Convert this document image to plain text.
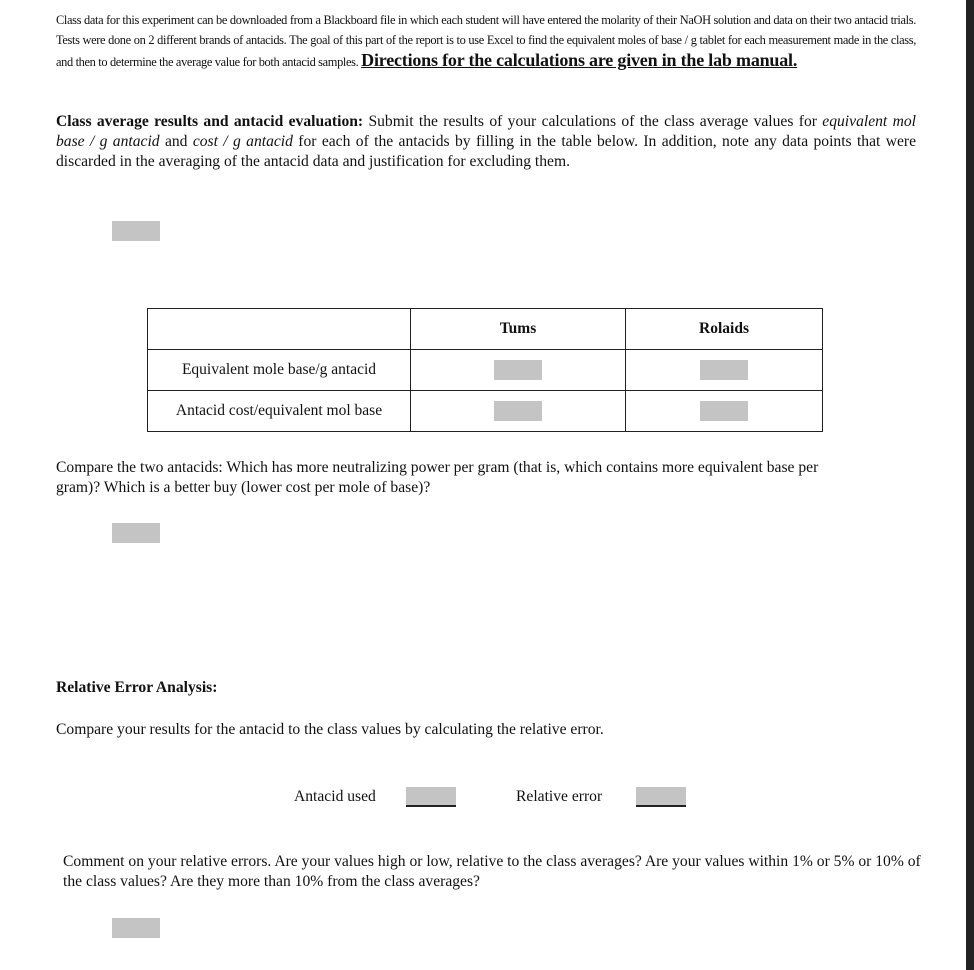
Class data for this experiment can be downloaded from a Blackboard file in which each student will have entered the molarity of their NaOH solution and data on their two antacid trials. Tests were done on 2 different brands of antacids. The goal of this part of the report is to use Excel to find the equivalent moles of base / g tablet for each measurement made in the class, and then to determine the average value for both antacid samples. Directions for the calculations are given in the lab manual.

Class average results and antacid evaluation: Submit the results of your calculations of the class average values for equivalent mol base / g antacid and cost / g antacid for each of the antacids by filling in the table below. In addition, note any data points that were discarded in the averaging of the antacid data and justification for excluding them.

	Tums	Rolaids
Equivalent mole base/g antacid		
Antacid cost/equivalent mol base		

Compare the two antacids: Which has more neutralizing power per gram (that is, which contains more equivalent base per gram)? Which is a better buy (lower cost per mole of base)?

Relative Error Analysis:

Compare your results for the antacid to the class values by calculating the relative error.

Antacid used	Relative error

Comment on your relative errors. Are your values high or low, relative to the class averages? Are your values within 1% or 5% or 10% of the class values? Are they more than 10% from the class averages?
